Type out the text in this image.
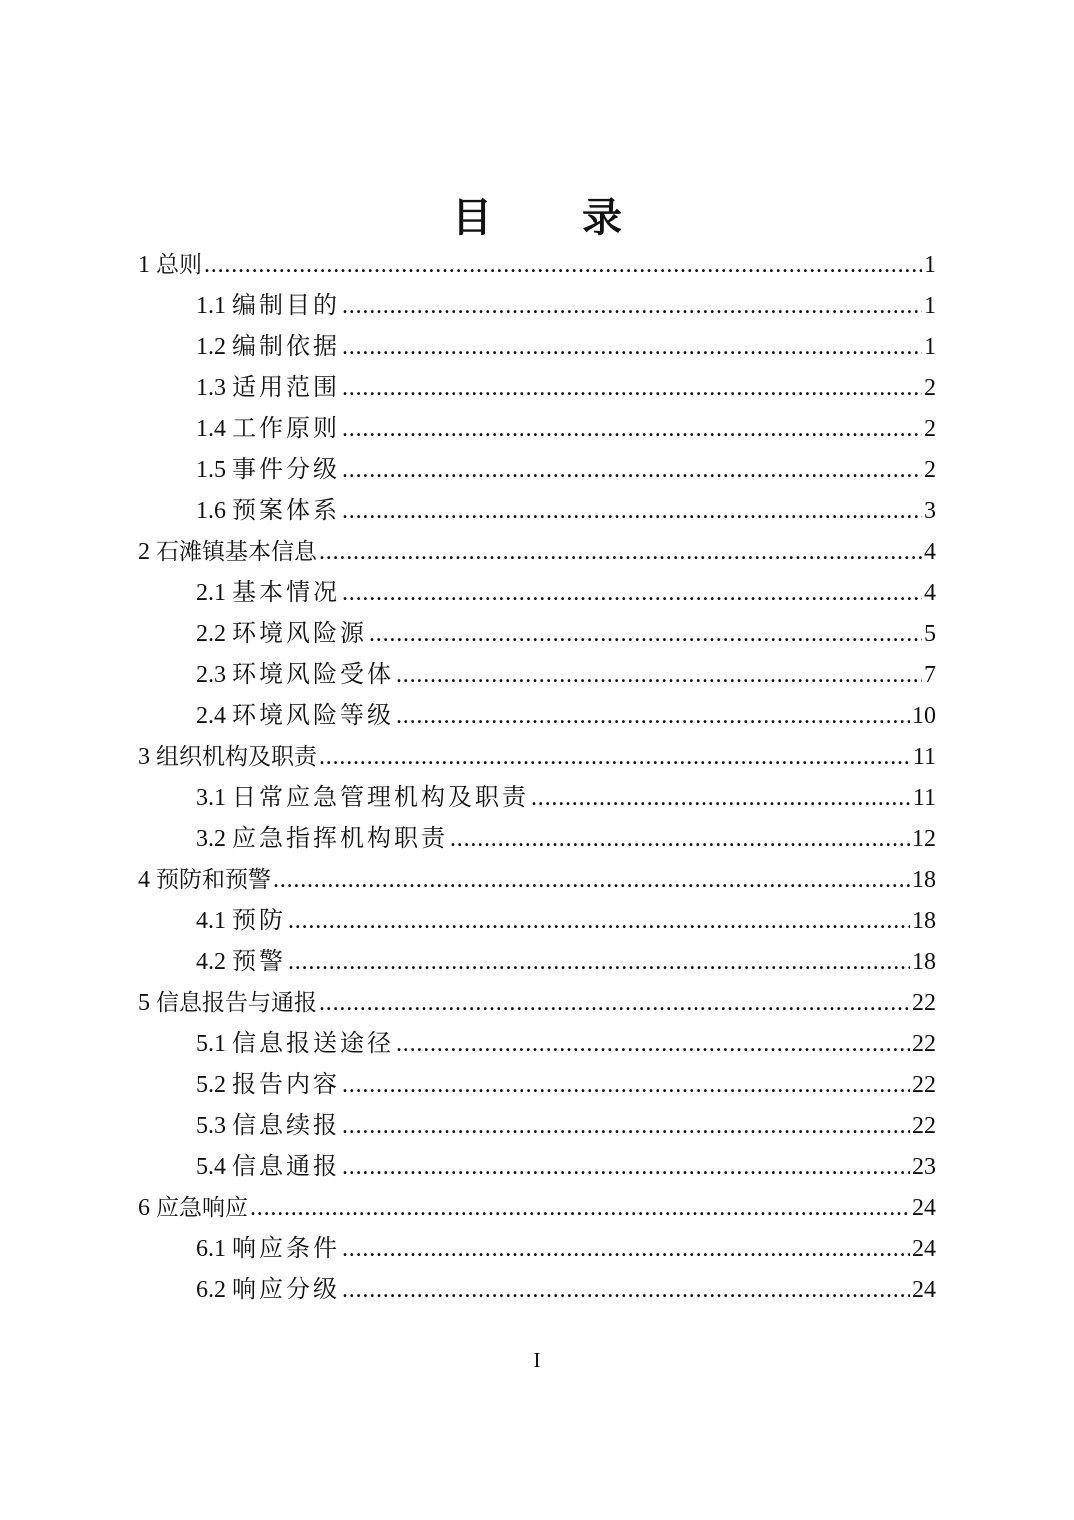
目 录
1 总则 . . .	1
1.1 编制目的 . . .	1
1.2 编制依据 . . .	1
1.3 适用范围 . . .	2
1.4 工作原则 . . .	2
1.5 事件分级 . . .	2
1.6 预案体系 . . .	3
2 石滩镇基本信息 . . .	4
2.1 基本情况 . . .	4
2.2 环境风险源 . . .	5
2.3 环境风险受体 . . .	7
2.4 环境风险等级 . . .	10
3 组织机构及职责 . . .	11
3.1 日常应急管理机构及职责 . . .	11
3.2 应急指挥机构职责 . . .	12
4 预防和预警 . . .	18
4.1 预防 . . .	18
4.2 预警 . . .	18
5 信息报告与通报 . . .	22
5.1 信息报送途径 . . .	22
5.2 报告内容 . . .	22
5.3 信息续报 . . .	22
5.4 信息通报 . . .	23
6 应急响应 . . .	24
6.1 响应条件 . . .	24
6.2 响应分级 . . .	24
I
